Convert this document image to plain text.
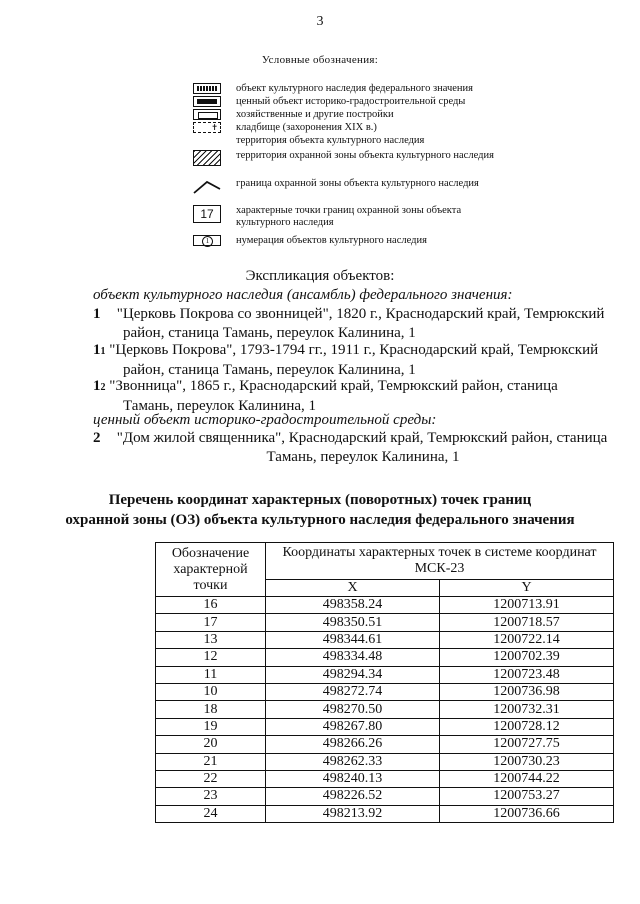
3
Условные обозначения:
объект культурного наследия федерального значения
ценный объект историко-градостроительной среды
хозяйственные и другие постройки
✝ кладбище (захоронения XIX в.)
территория объекта культурного наследия
территория охранной зоны объекта культурного наследия
граница охранной зоны объекта культурного наследия
17	характерные точки границ охранной зоны объекта культурного наследия
1	нумерация объектов культурного наследия
Экспликация объектов:
объект культурного наследия (ансамбль) федерального значения:
1 "Церковь Покрова со звонницей", 1820 г., Краснодарский край, Темрюкский
район, станица Тамань, переулок Калинина, 1
11 "Церковь Покрова", 1793-1794 гг., 1911 г., Краснодарский край, Темрюкский
район, станица Тамань, переулок Калинина, 1
12 "Звонница", 1865 г., Краснодарский край, Темрюкский район, станица
Тамань, переулок Калинина, 1
ценный объект историко-градостроительной среды:
2 "Дом жилой священника", Краснодарский край, Темрюкский район, станица
Тамань, переулок Калинина, 1
Перечень координат характерных (поворотных) точек границ
охранной зоны (ОЗ) объекта культурного наследия федерального значения
Обозначение характерной точки	Координаты характерных точек в системе координат МСК-23	
	X	Y
16	498358.24	1200713.91
17	498350.51	1200718.57
13	498344.61	1200722.14
12	498334.48	1200702.39
11	498294.34	1200723.48
10	498272.74	1200736.98
18	498270.50	1200732.31
19	498267.80	1200728.12
20	498266.26	1200727.75
21	498262.33	1200730.23
22	498240.13	1200744.22
23	498226.52	1200753.27
24	498213.92	1200736.66
